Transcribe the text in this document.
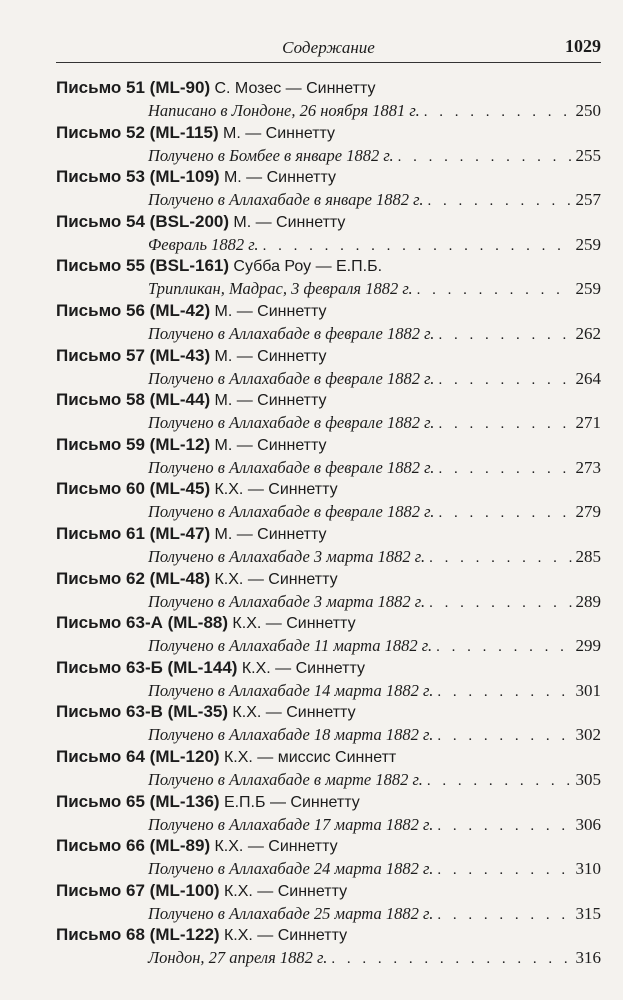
Содержание	1029
Письмо 51 (ML-90) С. Мозес — Синнетту
Написано в Лондоне, 26 ноября 1881 г. . . .	250
Письмо 52 (ML-115) М. — Синнетту
Получено в Бомбее в январе 1882 г. . . .	255
Письмо 53 (ML-109) М. — Синнетту
Получено в Аллахабаде в январе 1882 г. . . .	257
Письмо 54 (BSL-200) М. — Синнетту
Февраль 1882 г. . . .	259
Письмо 55 (BSL-161) Субба Роу — Е.П.Б.
Трипликан, Мадрас, 3 февраля 1882 г. . . .	259
Письмо 56 (ML-42) М. — Синнетту
Получено в Аллахабаде в феврале 1882 г. . . .	262
Письмо 57 (ML-43) М. — Синнетту
Получено в Аллахабаде в феврале 1882 г. . . .	264
Письмо 58 (ML-44) М. — Синнетту
Получено в Аллахабаде в феврале 1882 г. . . .	271
Письмо 59 (ML-12) М. — Синнетту
Получено в Аллахабаде в феврале 1882 г. . . .	273
Письмо 60 (ML-45) К.Х. — Синнетту
Получено в Аллахабаде в феврале 1882 г. . . .	279
Письмо 61 (ML-47) М. — Синнетту
Получено в Аллахабаде 3 марта 1882 г. . . .	285
Письмо 62 (ML-48) К.Х. — Синнетту
Получено в Аллахабаде 3 марта 1882 г. . . .	289
Письмо 63-А (ML-88) К.Х. — Синнетту
Получено в Аллахабаде 11 марта 1882 г. . . .	299
Письмо 63-Б (ML-144) К.Х. — Синнетту
Получено в Аллахабаде 14 марта 1882 г. . . .	301
Письмо 63-В (ML-35) К.Х. — Синнетту
Получено в Аллахабаде 18 марта 1882 г. . . .	302
Письмо 64 (ML-120) К.Х. — миссис Синнетт
Получено в Аллахабаде в марте 1882 г. . . .	305
Письмо 65 (ML-136) Е.П.Б — Синнетту
Получено в Аллахабаде 17 марта 1882 г. . . .	306
Письмо 66 (ML-89) К.Х. — Синнетту
Получено в Аллахабаде 24 марта 1882 г. . . .	310
Письмо 67 (ML-100) К.Х. — Синнетту
Получено в Аллахабаде 25 марта 1882 г. . . .	315
Письмо 68 (ML-122) К.Х. — Синнетту
Лондон, 27 апреля 1882 г. . . .	316
